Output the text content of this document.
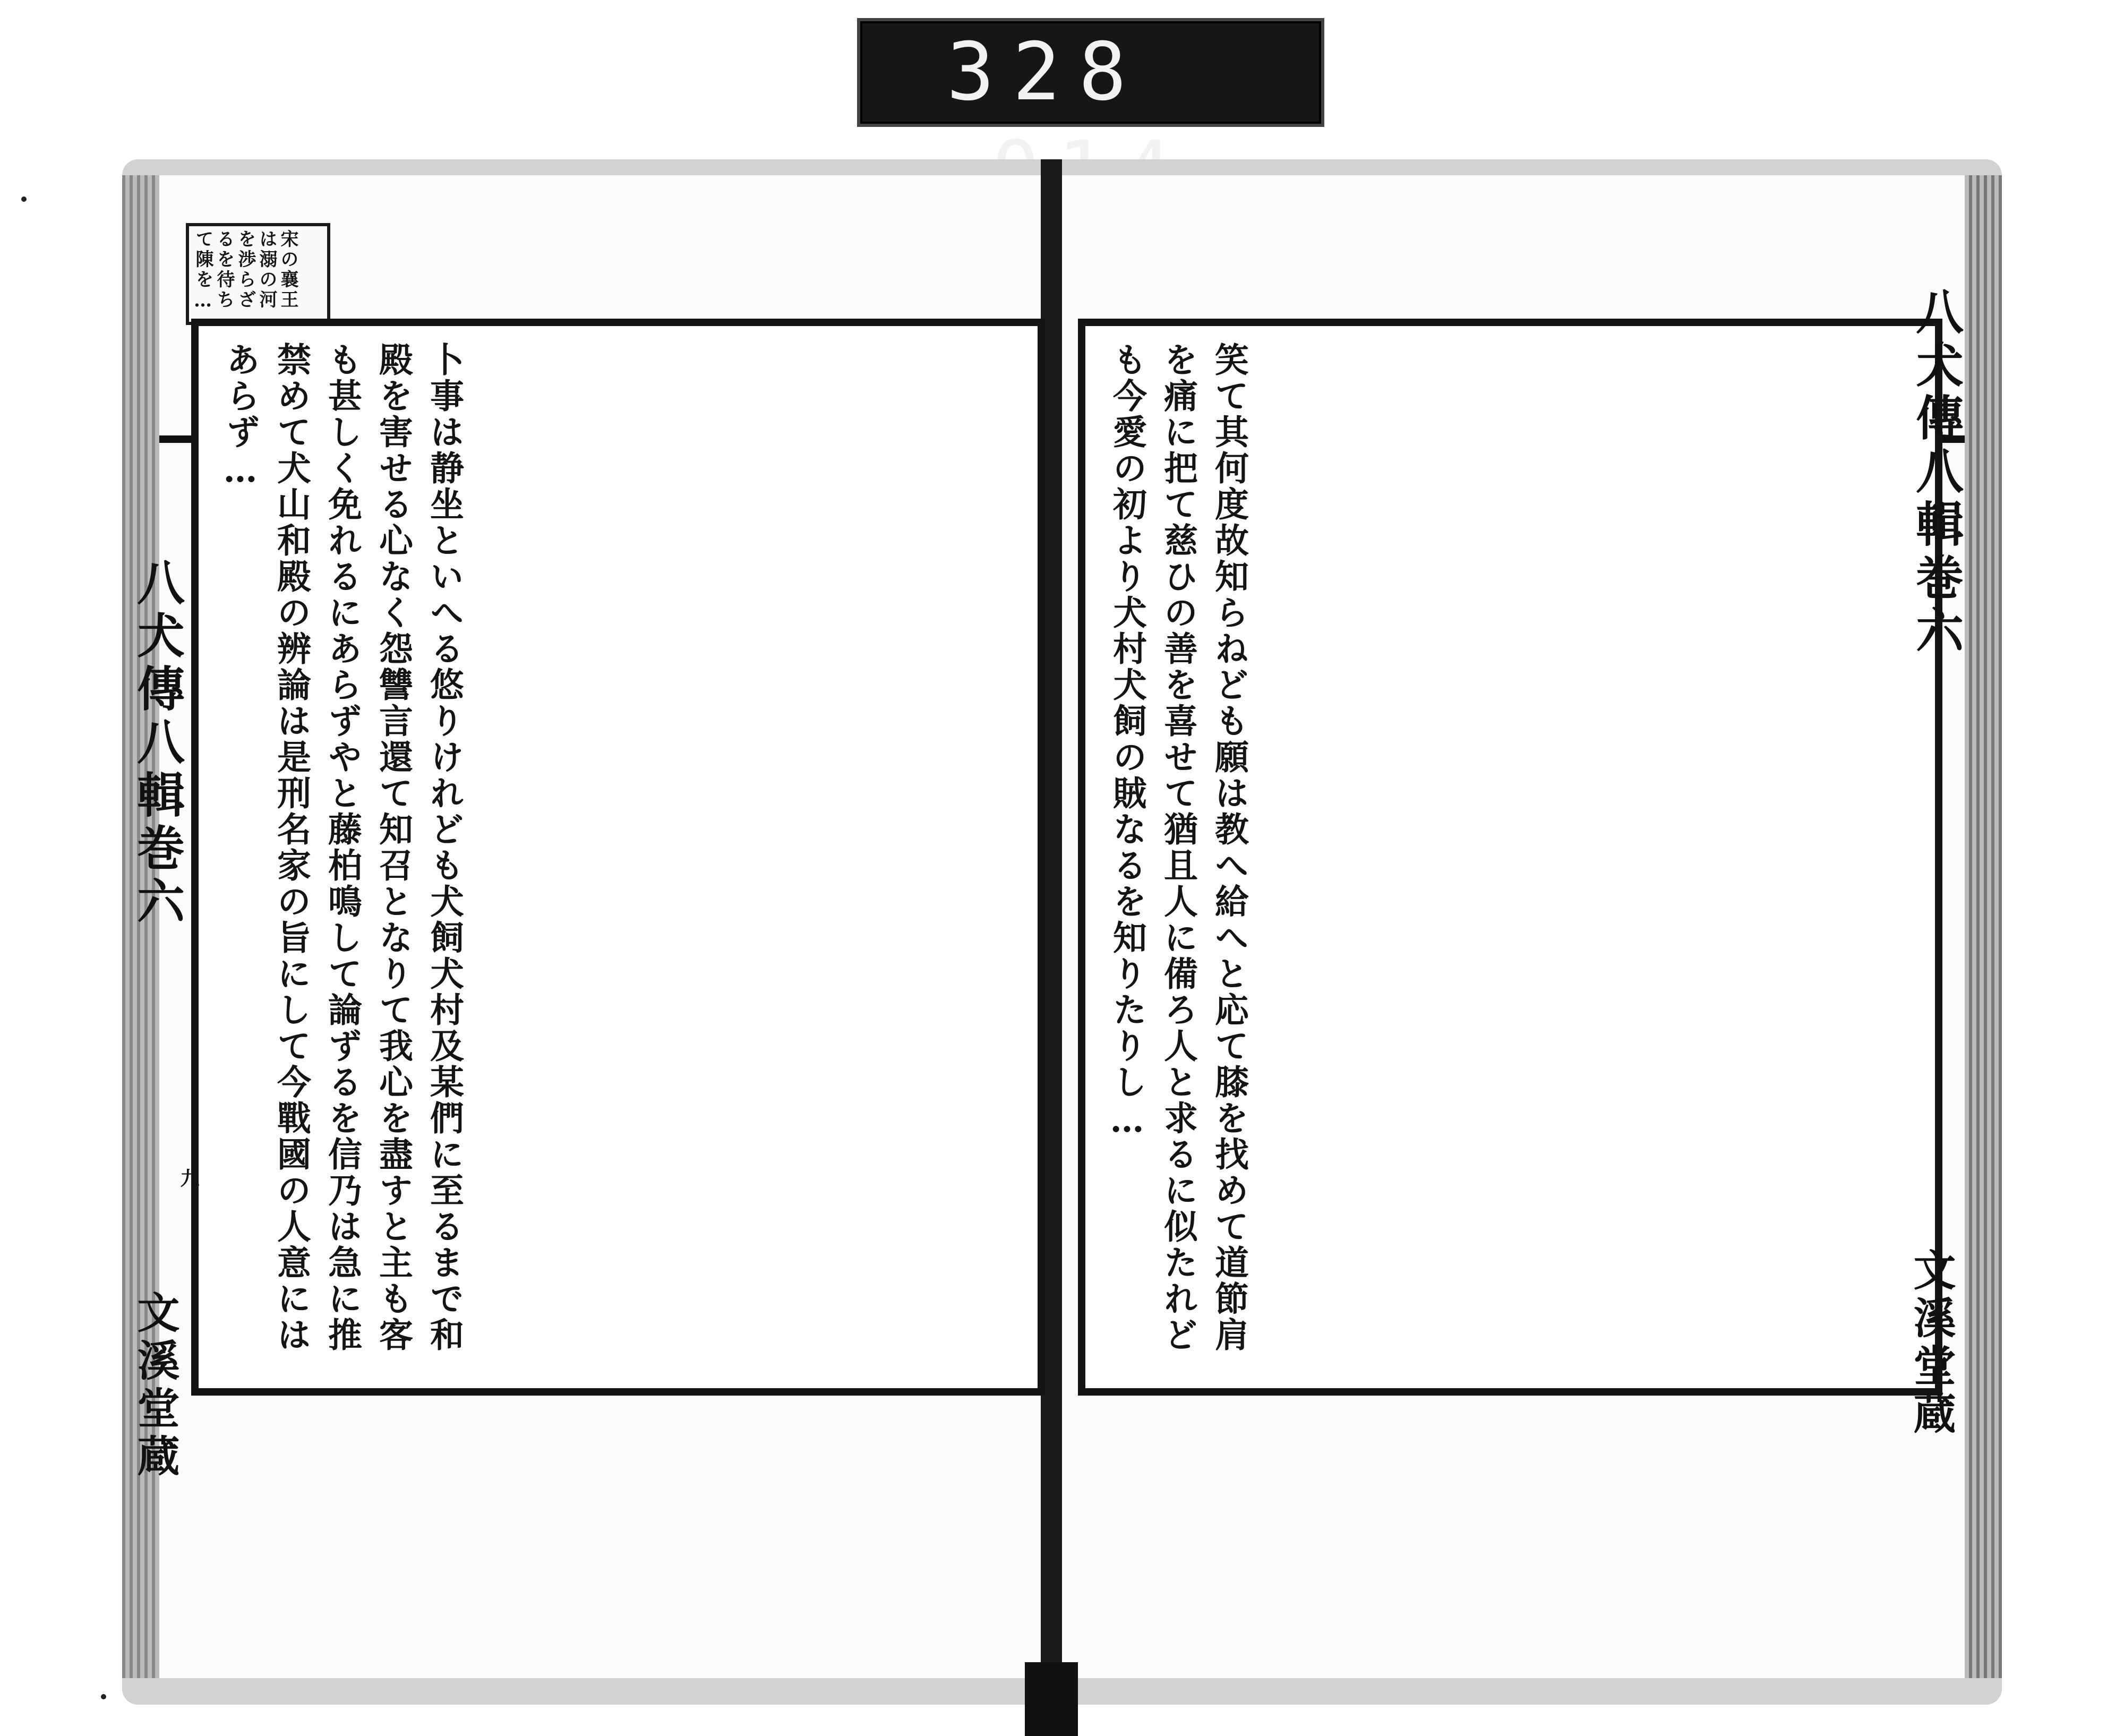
328
宋の襄王は溺の河を渉らざるを待ちて陳を…
卜事は静坐といへる悠りけれども犬飼犬村及某們に至るまで和殿を害せる心なく怨讐言還て知召となりて我心を盡すと主も客も甚しく免れるにあらずやと藤柏鳴して論ずるを信乃は急に推禁めて犬山和殿の辨論は是刑名家の旨にして今戰國の人意にはあらず…	笑て其何度故知らねども願は教へ給へと応て膝を找めて道節肩を痛に把て慈ひの善を喜せて猶且人に備ろ人と求るに似たれども今愛の初より犬村犬飼の賊なるを知りたりし…
八犬傳八輯巻六
文溪堂蔵
九
八犬傳八輯巻六
文溪堂蔵
